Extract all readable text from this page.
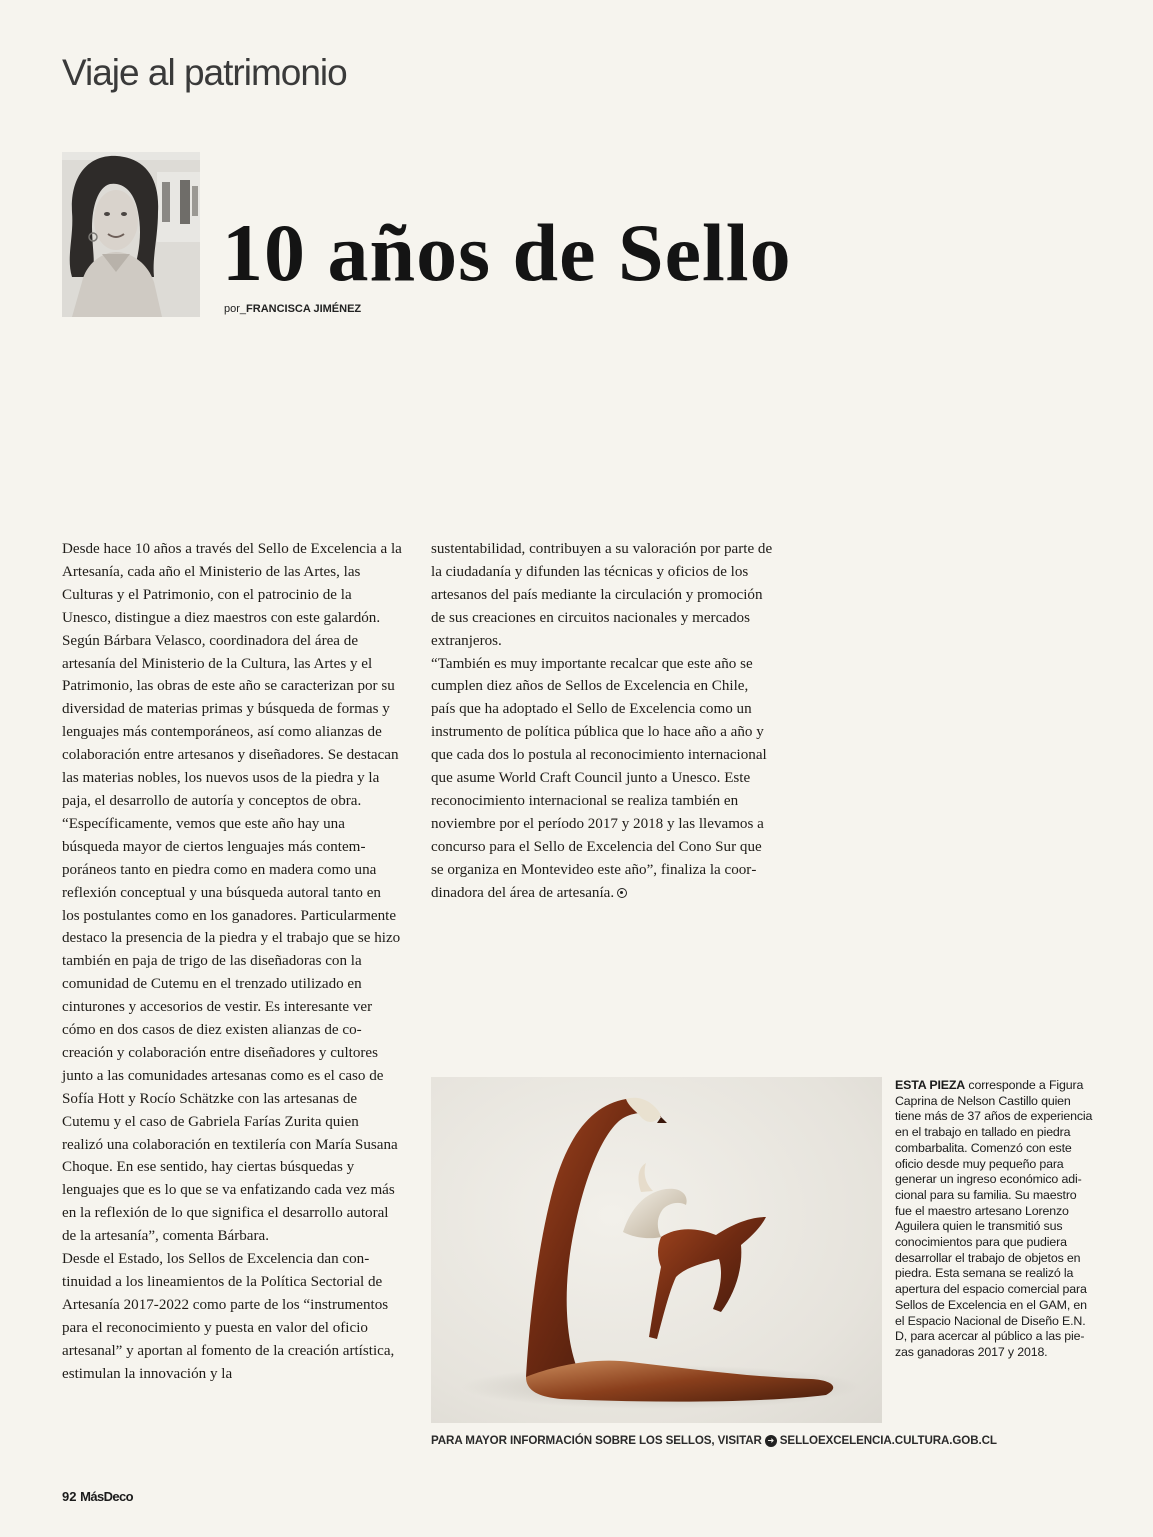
Viaje al patrimonio
10 años de Sello
por_FRANCISCA JIMÉNEZ

Desde hace 10 años a través del Sello de Excelencia a la Artesanía, cada año el Ministerio de las Artes, las Culturas y el Patrimonio, con el patrocinio de la Unesco, distingue a diez maestros con este galardón.

Según Bárbara Velasco, coordinadora del área de artesanía del Ministerio de la Cultura, las Artes y el Patrimonio, las obras de este año se caracterizan por su diversidad de materias primas y búsqueda de formas y lenguajes más contemporáneos, así como alianzas de colaboración entre artesanos y diseñadores. Se destacan las materias nobles, los nuevos usos de la piedra y la paja, el desarrollo de autoría y conceptos de obra.

“Específicamente, vemos que este año hay una búsqueda mayor de ciertos lenguajes más contemporáneos tanto en piedra como en madera como una reflexión conceptual y una búsqueda autoral tanto en los postulantes como en los ganadores. Particularmente destaco la presencia de la piedra y el trabajo que se hizo también en paja de trigo de las diseñadoras con la comunidad de Cutemu en el trenzado utilizado en cinturones y accesorios de vestir. Es interesante ver cómo en dos casos de diez existen alianzas de co-creación y colaboración entre diseñadores y cultores junto a las comunidades artesanas como es el caso de Sofía Hott y Rocío Schätzke con las artesanas de Cutemu y el caso de Gabriela Farías Zurita quien realizó una colaboración en textilería con María Susana Choque. En ese sentido, hay ciertas búsquedas y lenguajes que es lo que se va enfatizando cada vez más en la reflexión de lo que significa el desarrollo autoral de la artesanía”, comenta Bárbara.

Desde el Estado, los Sellos de Excelencia dan continuidad a los lineamientos de la Política Sectorial de Artesanía 2017-2022 como parte de los “instrumentos para el reconocimiento y puesta en valor del oficio artesanal” y aportan al fomento de la creación artística, estimulan la innovación y la

sustentabilidad, contribuyen a su valoración por parte de la ciudadanía y difunden las técnicas y oficios de los artesanos del país mediante la circulación y promoción de sus creaciones en circuitos nacionales y mercados extranjeros.

“También es muy importante recalcar que este año se cumplen diez años de Sellos de Excelencia en Chile, país que ha adoptado el Sello de Excelencia como un instrumento de política pública que lo hace año a año y que cada dos lo postula al reconocimiento internacional que asume World Craft Council junto a Unesco. Este reconocimiento internacional se realiza también en noviembre por el período 2017 y 2018 y las llevamos a concurso para el Sello de Excelencia del Cono Sur que se organiza en Montevideo este año”, finaliza la coordinadora del área de artesanía.

ESTA PIEZA corresponde a Figura Caprina de Nelson Castillo quien tiene más de 37 años de experiencia en el trabajo en tallado en piedra combarbalita. Comenzó con este oficio desde muy pequeño para generar un ingreso económico adicional para su familia. Su maestro fue el maestro artesano Lorenzo Aguilera quien le transmitió sus conocimientos para que pudiera desarrollar el trabajo de objetos en piedra. Esta semana se realizó la apertura del espacio comercial para Sellos de Excelencia en el GAM, en el Espacio Nacional de Diseño E.N. D, para acercar al público a las piezas ganadoras 2017 y 2018.
PARA MAYOR INFORMACIÓN SOBRE LOS SELLOS, VISITAR ➜ SELLOEXCELENCIA.CULTURA.GOB.CL
92 MásDeco
